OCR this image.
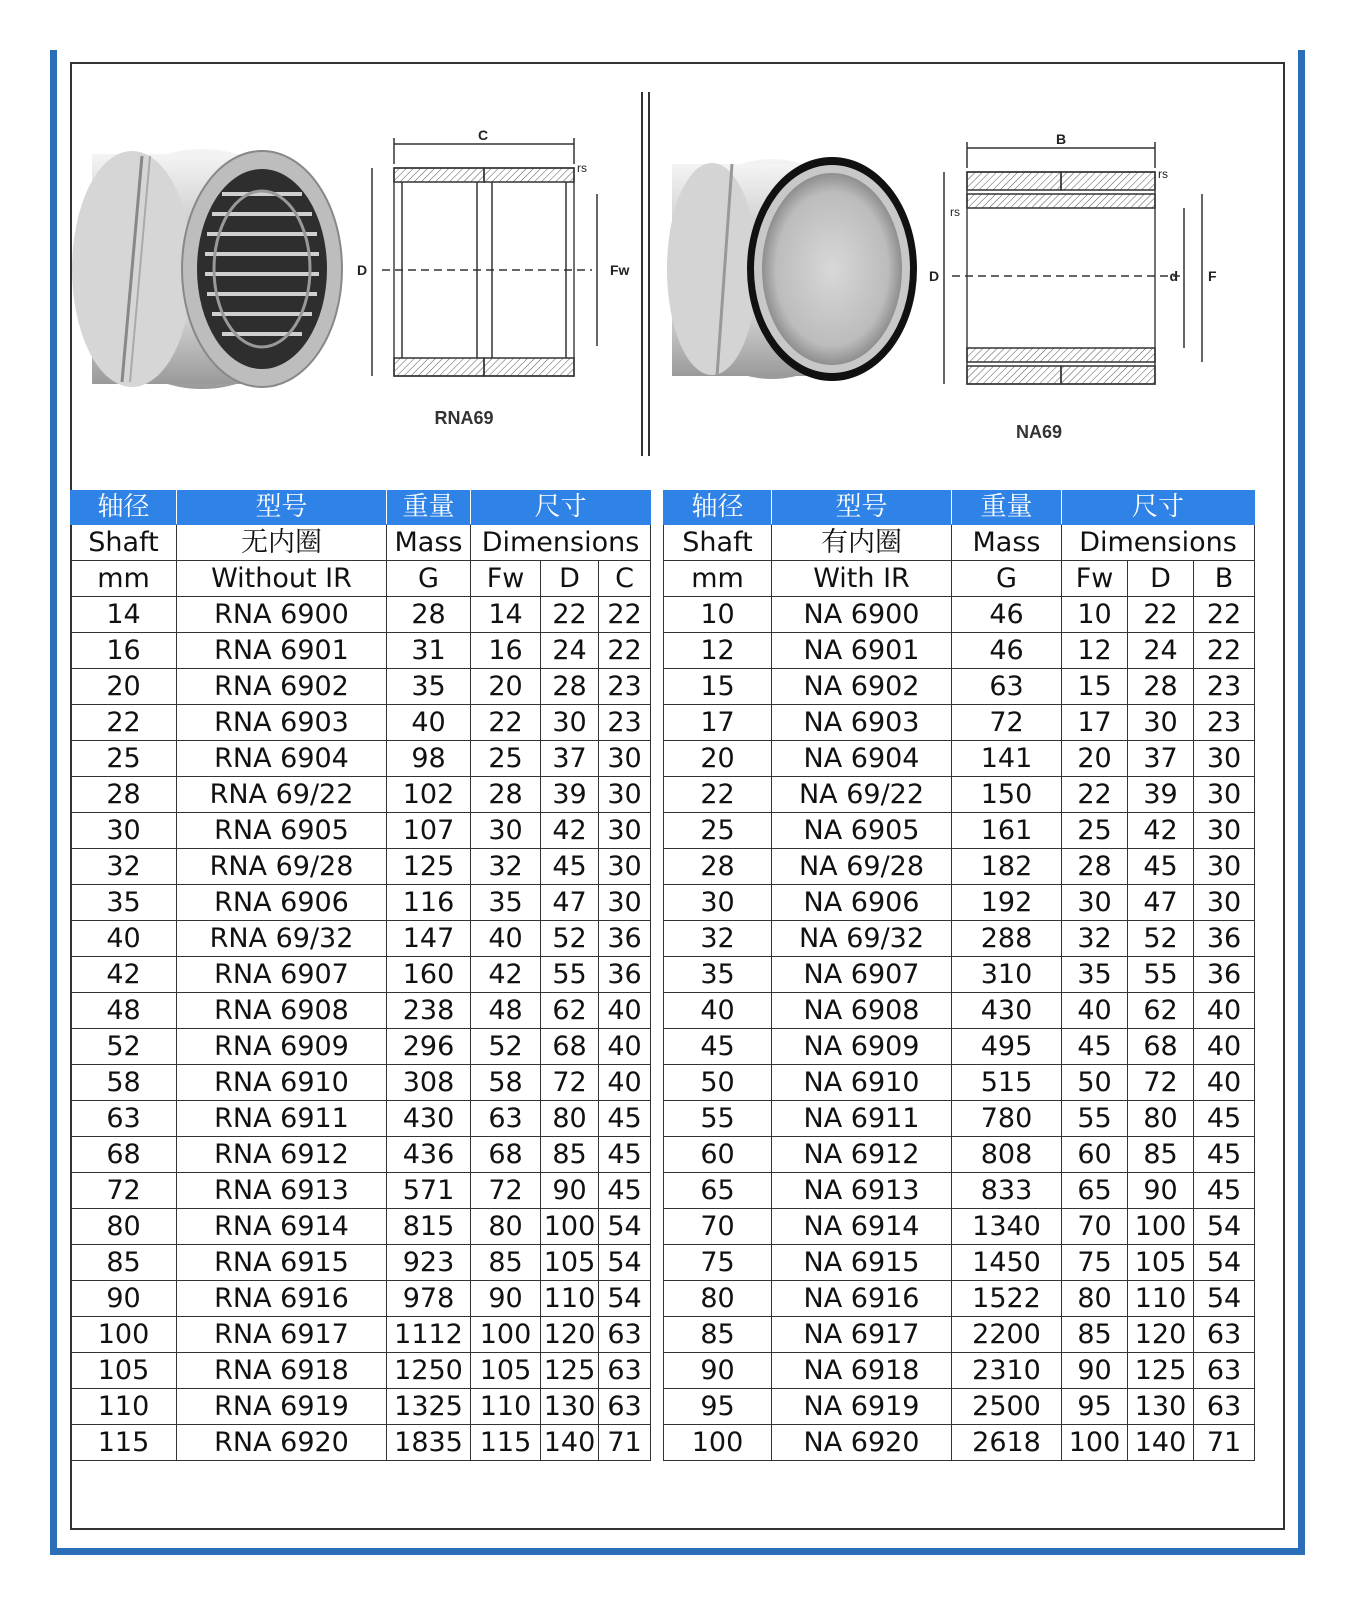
C
D	Fw
rs
RNA69
B
D	d F
rs
rs
NA69
轴径	型号	重量	尺寸		
Shaft	无内圈	Mass	Dimensions		
mm	Without IR	G	Fw	D	C
14	RNA 6900	28	14	22	22
16	RNA 6901	31	16	24	22
20	RNA 6902	35	20	28	23
22	RNA 6903	40	22	30	23
25	RNA 6904	98	25	37	30
28	RNA 69/22	102	28	39	30
30	RNA 6905	107	30	42	30
32	RNA 69/28	125	32	45	30
35	RNA 6906	116	35	47	30
40	RNA 69/32	147	40	52	36
42	RNA 6907	160	42	55	36
48	RNA 6908	238	48	62	40
52	RNA 6909	296	52	68	40
58	RNA 6910	308	58	72	40
63	RNA 6911	430	63	80	45
68	RNA 6912	436	68	85	45
72	RNA 6913	571	72	90	45
80	RNA 6914	815	80	100	54
85	RNA 6915	923	85	105	54
90	RNA 6916	978	90	110	54
100	RNA 6917	1112	100	120	63
105	RNA 6918	1250	105	125	63
110	RNA 6919	1325	110	130	63
115	RNA 6920	1835	115	140	71
轴径	型号	重量	尺寸		
Shaft	有内圈	Mass	Dimensions		
mm	With IR	G	Fw	D	B
10	NA 6900	46	10	22	22
12	NA 6901	46	12	24	22
15	NA 6902	63	15	28	23
17	NA 6903	72	17	30	23
20	NA 6904	141	20	37	30
22	NA 69/22	150	22	39	30
25	NA 6905	161	25	42	30
28	NA 69/28	182	28	45	30
30	NA 6906	192	30	47	30
32	NA 69/32	288	32	52	36
35	NA 6907	310	35	55	36
40	NA 6908	430	40	62	40
45	NA 6909	495	45	68	40
50	NA 6910	515	50	72	40
55	NA 6911	780	55	80	45
60	NA 6912	808	60	85	45
65	NA 6913	833	65	90	45
70	NA 6914	1340	70	100	54
75	NA 6915	1450	75	105	54
80	NA 6916	1522	80	110	54
85	NA 6917	2200	85	120	63
90	NA 6918	2310	90	125	63
95	NA 6919	2500	95	130	63
100	NA 6920	2618	100	140	71
